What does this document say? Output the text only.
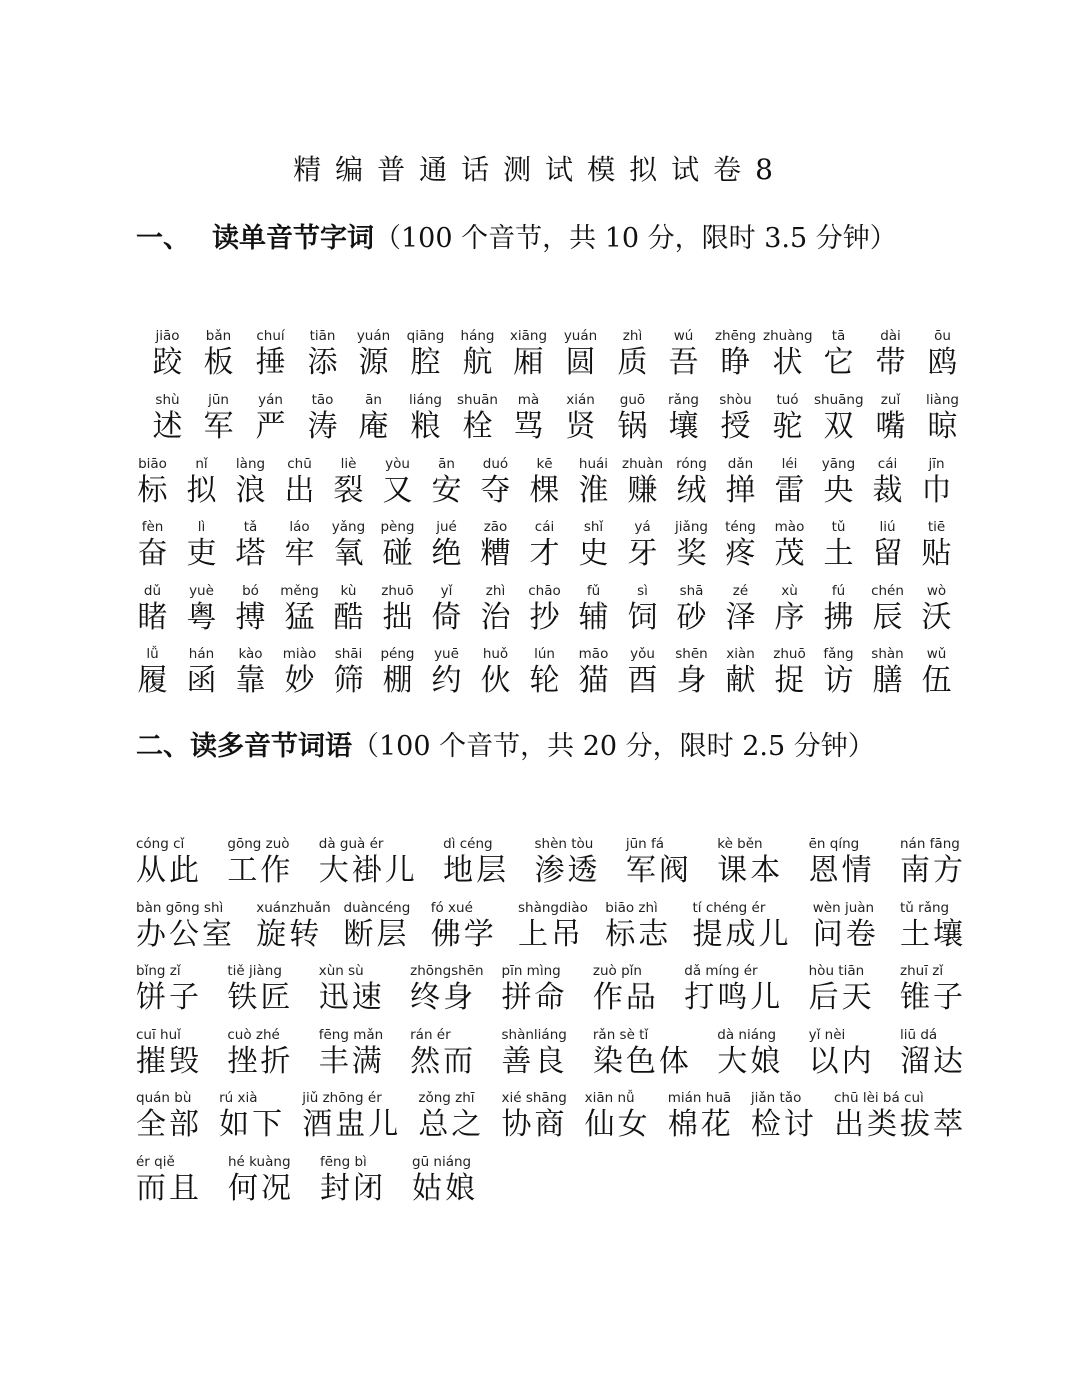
精编普通话测试模拟试卷8
一、 读单音节字词（100 个音节，共 10 分，限时 3.5 分钟）
jiāo
跤
bǎn
板
chuí
捶
tiān
添
yuán
源
qiāng
腔
háng
航
xiāng
厢
yuán
圆
zhì
质
wú
吾
zhēng
睁
zhuàng
状
tā
它
dài
带
ōu
鸥
shù
述
jūn
军
yán
严
tāo
涛
ān
庵
liáng
粮
shuān
栓
mà
骂
xián
贤
guō
锅
rǎng
壤
shòu
授
tuó
驼
shuāng
双
zuǐ
嘴
liàng
晾
biāo
标
nǐ
拟
làng
浪
chū
出
liè
裂
yòu
又
ān
安
duó
夺
kē
棵
huái
淮
zhuàn
赚
róng
绒
dǎn
掸
léi
雷
yāng
央
cái
裁
jīn
巾
fèn
奋
lì
吏
tǎ
塔
láo
牢
yǎng
氧
pèng
碰
jué
绝
zāo
糟
cái
才
shǐ
史
yá
牙
jiǎng
奖
téng
疼
mào
茂
tǔ
土
liú
留
tiē
贴
dǔ
睹
yuè
粤
bó
搏
měng
猛
kù
酷
zhuō
拙
yǐ
倚
zhì
治
chāo
抄
fǔ
辅
sì
饲
shā
砂
zé
泽
xù
序
fú
拂
chén
辰
wò
沃
lǚ
履
hán
函
kào
靠
miào
妙
shāi
筛
péng
棚
yuē
约
huǒ
伙
lún
轮
māo
猫
yǒu
酉
shēn
身
xiàn
献
zhuō
捉
fǎng
访
shàn
膳
wǔ
伍
二、读多音节词语（100 个音节，共 20 分，限时 2.5 分钟）
cóng cǐ
从此
gōng zuò
工作
dà guà ér
大褂儿
dì céng
地层
shèn tòu
渗透
jūn fá
军阀
kè běn
课本
ēn qíng
恩情
nán fāng
南方
bàn gōng shì
办公室
xuánzhuǎn
旋转
duàncéng
断层
fó xué
佛学
shàngdiào
上吊
biāo zhì
标志
tí chéng ér
提成儿
wèn juàn
问卷
tǔ rǎng
土壤
bǐng zǐ
饼子
tiě jiàng
铁匠
xùn sù
迅速
zhōngshēn
终身
pīn mìng
拼命
zuò pǐn
作品
dǎ míng ér
打鸣儿
hòu tiān
后天
zhuī zǐ
锥子
cuī huǐ
摧毁
cuò zhé
挫折
fēng mǎn
丰满
rán ér
然而
shànliáng
善良
rǎn sè tǐ
染色体
dà niáng
大娘
yǐ nèi
以内
liū dá
溜达
quán bù
全部
rú xià
如下
jiǔ zhōng ér
酒盅儿
zǒng zhī
总之
xié shāng
协商
xiān nǚ
仙女
mián huā
棉花
jiǎn tǎo
检讨
chū lèi bá cuì
出类拔萃
ér qiě
而且
hé kuàng
何况
fēng bì
封闭
gū niáng
姑娘
